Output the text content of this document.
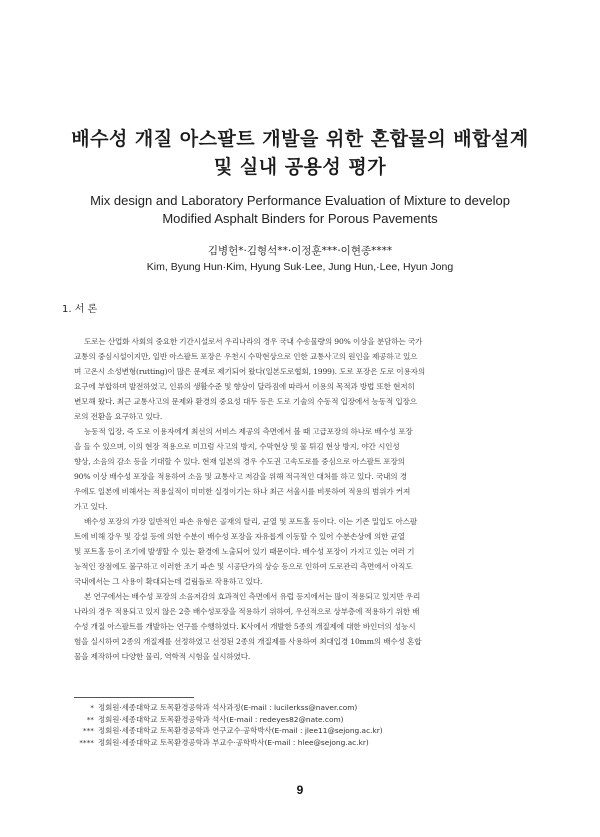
배수성 개질 아스팔트 개발을 위한 혼합물의 배합설계
및 실내 공용성 평가
Mix design and Laboratory Performance Evaluation of Mixture to develop
Modified Asphalt Binders for Porous Pavements
김병헌*·김형석**·이정훈***·이현종****
Kim, Byung Hun·Kim, Hyung Suk·Lee, Jung Hun,·Lee, Hyun Jong
1. 서 론
도로는 산업화 사회의 중요한 기간시설로서 우리나라의 경우 국내 수송물량의 90% 이상을 분담하는 국가
교통의 중심시설이지만, 일반 아스팔트 포장은 우천시 수막현상으로 인한 교통사고의 원인을 제공하고 있으
며 고온시 소성변형(rutting)이 많은 문제로 제기되어 왔다(일본도로협회, 1999). 도로 포장은 도로 이용자의
요구에 부합하며 발전하였고, 인류의 생활수준 및 향상이 달라짐에 따라서 이용의 목적과 방법 또한 현저히
변모해 왔다. 최근 교통사고의 문제와 환경의 중요성 대두 등은 도로 기술의 수동적 입장에서 능동적 입장으
로의 전환을 요구하고 있다.
능동적 입장, 즉 도로 이용자에게 최선의 서비스 제공의 측면에서 볼 때 고급포장의 하나로 배수성 포장
을 들 수 있으며, 이의 현장 적용으로 미끄럼 사고의 방지, 수막현상 및 물 튀김 현상 방지, 야간 시인성
향상, 소음의 감소 등을 기대할 수 있다. 현재 일본의 경우 수도권 고속도로를 중심으로 아스팔트 포장의
90% 이상 배수성 포장을 적용하여 소음 및 교통사고 저감을 위해 적극적인 대처를 하고 있다. 국내의 경
우에도 일본에 비해서는 적용실적이 미미한 실정이기는 하나 최근 서울시를 비롯하여 적용의 범위가 커져
가고 있다.
배수성 포장의 가장 일반적인 파손 유형은 골재의 탈리, 균열 및 포트홀 등이다. 이는 기존 밀입도 아스팔
트에 비해 강우 및 강설 등에 의한 수분이 배수성 포장을 자유롭게 이동할 수 있어 수분손상에 의한 균열
및 포트홀 등이 조기에 발생할 수 있는 환경에 노출되어 있기 때문이다. 배수성 포장이 가지고 있는 여러 기
능적인 장점에도 불구하고 이러한 조기 파손 및 시공단가의 상승 등으로 인하여 도로관리 측면에서 아직도
국내에서는 그 사용이 확대되는데 걸림돌로 작용하고 있다.
본 연구에서는 배수성 포장의 소음저감의 효과적인 측면에서 유럽 등지에서는 많이 적용되고 있지만 우리
나라의 경우 적용되고 있지 않은 2층 배수성포장을 적용하기 위하여, 우선적으로 상부층에 적용하기 위한 배
수성 개질 아스팔트를 개발하는 연구를 수행하였다. K사에서 개발한 5종의 개질제에 대한 바인더의 성능시
험을 실시하여 2종의 개질제를 선정하였고 선정된 2종의 개질제를 사용하여 최대입경 10mm의 배수성 혼합
물을 제작하여 다양한 물리, 역학적 시험을 실시하였다.
* 정회원·세종대학교 토목환경공학과 석사과정(E-mail : lucilerkss@naver.com)
** 정회원·세종대학교 토목환경공학과 석사(E-mail : redeyes82@nate.com)
*** 정회원·세종대학교 토목환경공학과 연구교수·공학박사(E-mail : jlee11@sejong.ac.kr)
**** 정회원·세종대학교 토목환경공학과 부교수·공학박사(E-mail : hlee@sejong.ac.kr)
9
